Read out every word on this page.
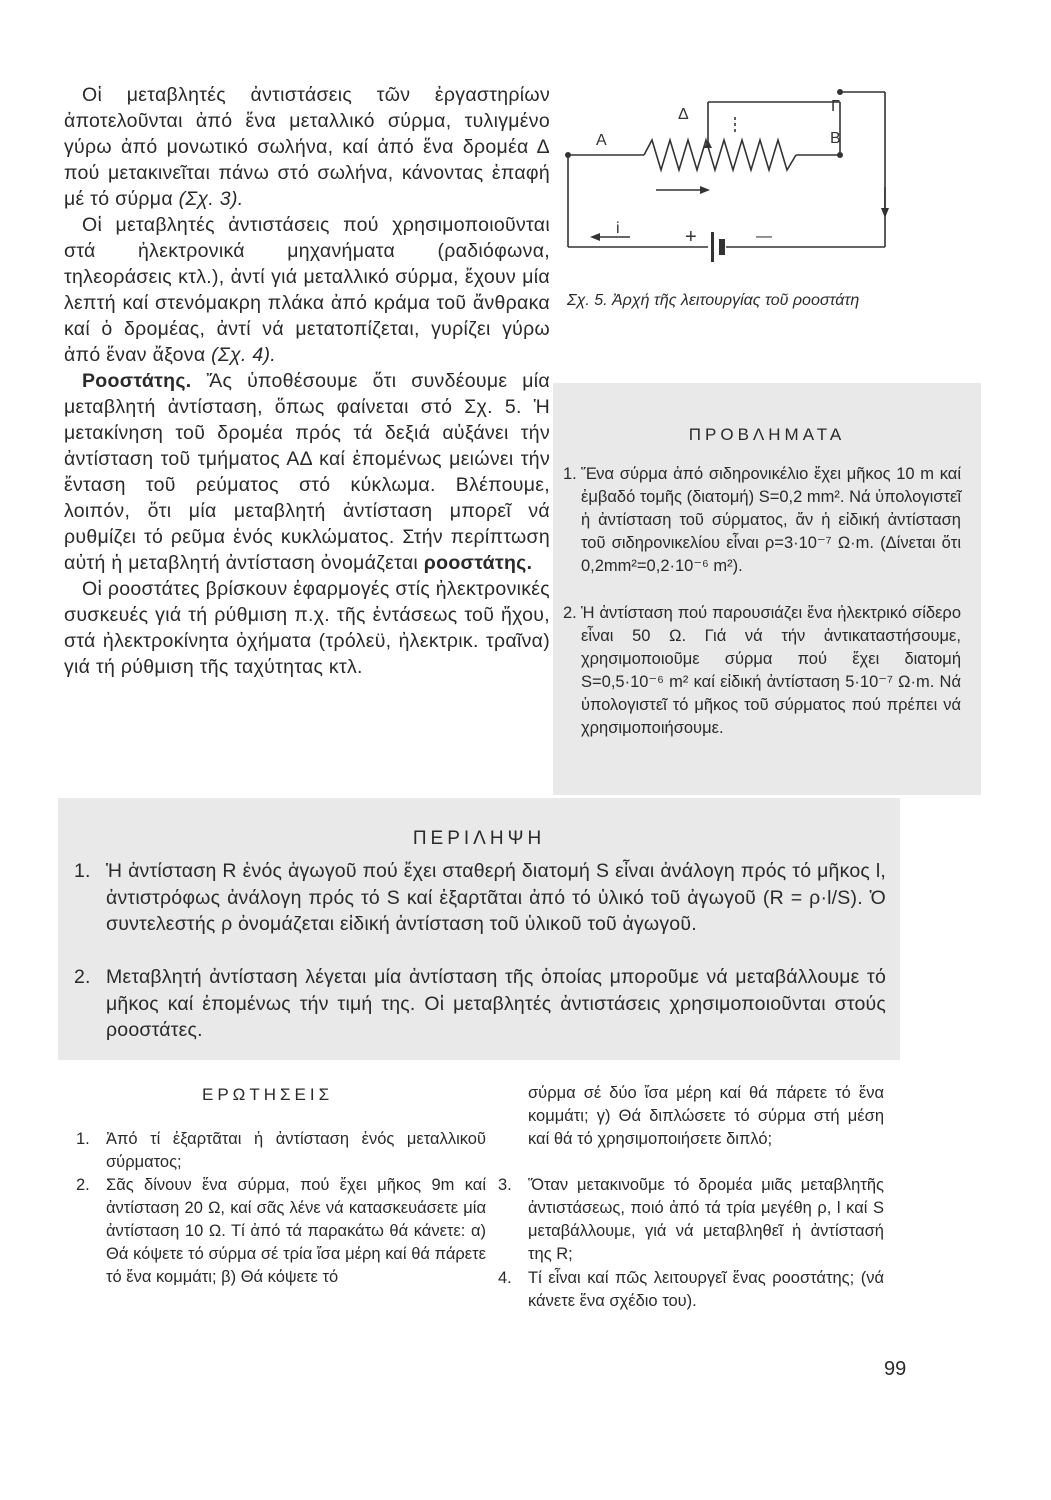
Οἱ μεταβλητές ἀντιστάσεις τῶν ἐργαστηρίων ἀποτελοῦνται ἀπό ἕνα μεταλλικό σύρμα, τυλιγμένο γύρω ἀπό μονωτικό σωλήνα, καί ἀπό ἕνα δρομέα Δ πού μετακινεῖται πάνω στό σωλήνα, κάνοντας ἐπαφή μέ τό σύρμα (Σχ. 3).

Οἱ μεταβλητές ἀντιστάσεις πού χρησιμοποιοῦνται στά ἠλεκτρονικά μηχανήματα (ραδιόφωνα, τηλεοράσεις κτλ.), ἀντί γιά μεταλλικό σύρμα, ἔχουν μία λεπτή καί στενόμακρη πλάκα ἀπό κράμα τοῦ ἄνθρακα καί ὁ δρομέας, ἀντί νά μετατοπίζεται, γυρίζει γύρω ἀπό ἕναν ἄξονα (Σχ. 4).

Ροοστάτης. Ἄς ὑποθέσουμε ὅτι συνδέουμε μία μεταβλητή ἀντίσταση, ὅπως φαίνεται στό Σχ. 5. Ἡ μετακίνηση τοῦ δρομέα πρός τά δεξιά αὐξάνει τήν ἀντίσταση τοῦ τμήματος ΑΔ καί ἐπομένως μειώνει τήν ἔνταση τοῦ ρεύματος στό κύκλωμα. Βλέπουμε, λοιπόν, ὅτι μία μεταβλητή ἀντίσταση μπορεῖ νά ρυθμίζει τό ρεῦμα ἑνός κυκλώματος. Στήν περίπτωση αὐτή ἡ μεταβλητή ἀντίσταση ὀνομάζεται ροοστάτης.

Οἱ ροοστάτες βρίσκουν ἐφαρμογές στίς ἠλεκτρονικές συσκευές γιά τή ρύθμιση π.χ. τῆς ἐντάσεως τοῦ ἤχου, στά ἠλεκτροκίνητα ὀχήματα (τρόλεϋ, ἠλεκτρικ. τραῖνα) γιά τή ρύθμιση τῆς ταχύτητας κτλ.

Α
Δ	Γ
Β
i	+	—
Σχ. 5. Ἀρχή τῆς λειτουργίας τοῦ ροοστάτη
ΠΡΟΒΛΗΜΑΤΑ
1. Ἕνα σύρμα ἀπό σιδηρονικέλιο ἔχει μῆκος 10 m καί ἐμβαδό τομῆς (διατομή) S=0,2 mm². Νά ὑπολογιστεῖ ἡ ἀντίσταση τοῦ σύρματος, ἄν ἡ εἰδική ἀντίσταση τοῦ σιδηρονικελίου εἶναι ρ=3·10⁻⁷ Ω·m. (Δίνεται ὅτι 0,2mm²=0,2·10⁻⁶ m²).
2. Ἡ ἀντίσταση πού παρουσιάζει ἕνα ἠλεκτρικό σίδερο εἶναι 50 Ω. Γιά νά τήν ἀντικαταστήσουμε, χρησιμοποιοῦμε σύρμα πού ἔχει διατομή S=0,5·10⁻⁶ m² καί εἰδική ἀντίσταση 5·10⁻⁷ Ω·m. Νά ὑπολογιστεῖ τό μῆκος τοῦ σύρματος πού πρέπει νά χρησιμοποιήσουμε.
ΠΕΡΙΛΗΨΗ
1. Ἡ ἀντίσταση R ἑνός ἀγωγοῦ πού ἔχει σταθερή διατομή S εἶναι ἀνάλογη πρός τό μῆκος l, ἀντιστρόφως ἀνάλογη πρός τό S καί ἐξαρτᾶται ἀπό τό ὑλικό τοῦ ἀγωγοῦ (R = ρ·l/S). Ὁ συντελεστής ρ ὀνομάζεται εἰδική ἀντίσταση τοῦ ὑλικοῦ τοῦ ἀγωγοῦ.
2. Μεταβλητή ἀντίσταση λέγεται μία ἀντίσταση τῆς ὁποίας μποροῦμε νά μεταβάλλουμε τό μῆκος καί ἐπομένως τήν τιμή της. Οἱ μεταβλητές ἀντιστάσεις χρησιμοποιοῦνται στούς ροοστάτες.
ΕΡΩΤΗΣΕΙΣ
1. Ἀπό τί ἐξαρτᾶται ἡ ἀντίσταση ἑνός μεταλλικοῦ σύρματος;
2. Σᾶς δίνουν ἕνα σύρμα, πού ἔχει μῆκος 9m καί ἀντίσταση 20 Ω, καί σᾶς λένε νά κατασκευάσετε μία ἀντίσταση 10 Ω. Τί ἀπό τά παρακάτω θά κάνετε: α) Θά κόψετε τό σύρμα σέ τρία ἴσα μέρη καί θά πάρετε τό ἕνα κομμάτι; β) Θά κόψετε τό
σύρμα σέ δύο ἴσα μέρη καί θά πάρετε τό ἕνα κομμάτι; γ) Θά διπλώσετε τό σύρμα στή μέση καί θά τό χρησιμοποιήσετε διπλό;
3. Ὅταν μετακινοῦμε τό δρομέα μιᾶς μεταβλητῆς ἀντιστάσεως, ποιό ἀπό τά τρία μεγέθη ρ, l καί S μεταβάλλουμε, γιά νά μεταβληθεῖ ἡ ἀντίστασή της R;
4. Τί εἶναι καί πῶς λειτουργεῖ ἕνας ροοστάτης; (νά κάνετε ἕνα σχέδιο του).
99
